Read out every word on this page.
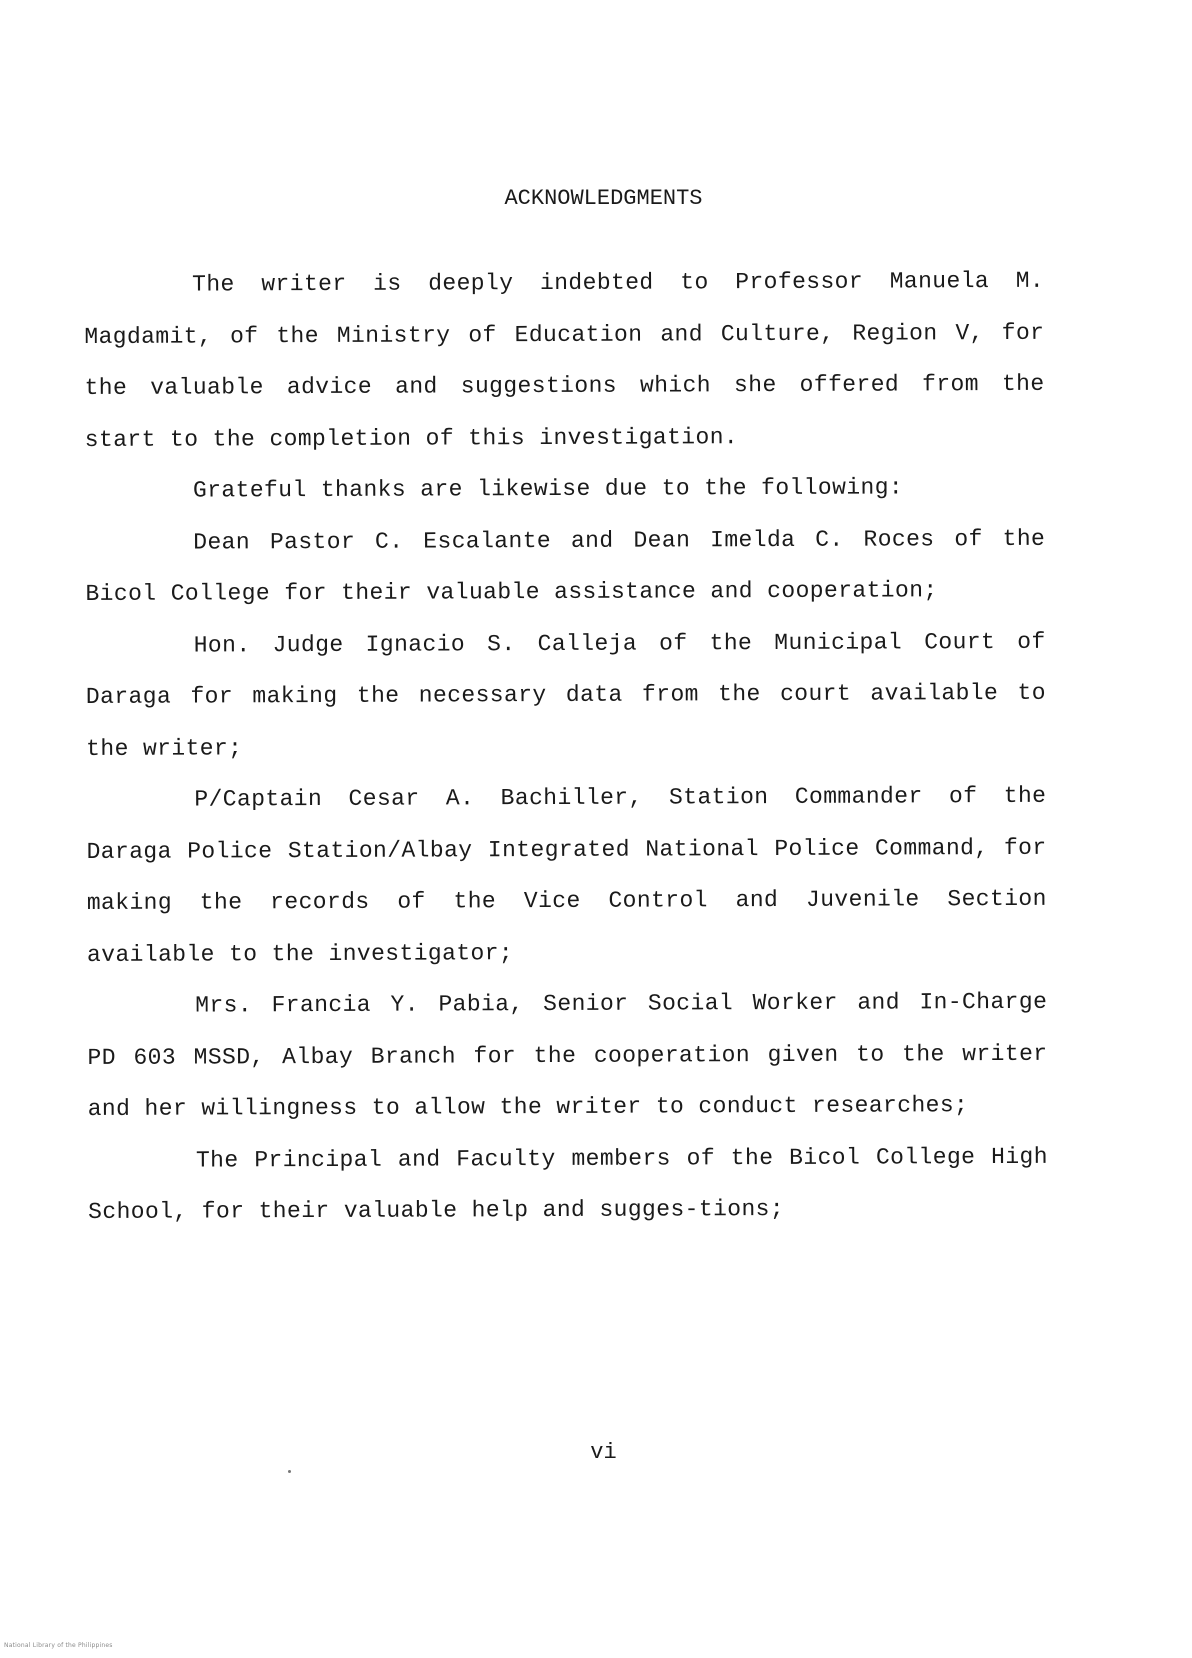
ACKNOWLEDGMENTS

The writer is deeply indebted to Professor Manuela M. Magdamit, of the Ministry of Education and Culture, Region V, for the valuable advice and suggestions which she offered from the start to the completion of this investigation.

Grateful thanks are likewise due to the following:

Dean Pastor C. Escalante and Dean Imelda C. Roces of the Bicol College for their valuable assistance and cooperation;

Hon. Judge Ignacio S. Calleja of the Municipal Court of Daraga for making the necessary data from the court available to the writer;

P/Captain Cesar A. Bachiller, Station Commander of the Daraga Police Station/Albay Integrated National Police Command, for making the records of the Vice Control and Juvenile Section available to the investigator;

Mrs. Francia Y. Pabia, Senior Social Worker and In-Charge PD 603 MSSD, Albay Branch for the cooperation given to the writer and her willingness to allow the writer to conduct researches;

The Principal and Faculty members of the Bicol College High School, for their valuable help and sugges-tions;

vi
National Library of the Philippines
